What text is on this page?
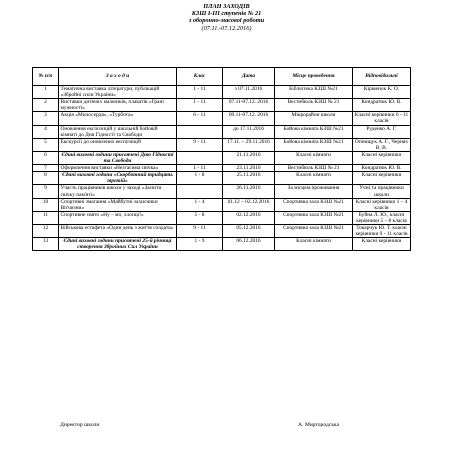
ПЛАН ЗАХОДІВ
КЗШ І-ІІІ ступенів № 21
з оборонно-масової роботи
(07.11.-07.12.2016)
№ п/п	З а х о д и	Клас	Дата	Місце проведення	Відповідальні
1	Тематична виставка літератури, публікацій «Збройні сили України»	1 - 11	з 07.11.2016	Бібліотека КЗШ №21	Кіріяенок К. О.
2	Виставки дитячих малюнків, плакатів «Грані мужності»	1 - 11	07.11-07.12. 2016	Вестибюль КЗШ № 21	Кондратюк Ю. В.
3	Акція «Милосердя», «Турбота»	6 - 11	09.11-07.12. 2016	Мікрорайон школи	Класні керівники 6 - 11 класів
4	Оновлення експозицій у шкільній бойовій кімнаті до Дня Гідності та Свободи		до 17.11.2016	Бойова кімната КЗШ №21	Руденко А. Г.
5	Екскурсії до оновлених експозицій	9 - 11	17.11. – 29.11.2016	Бойова кімната КЗШ №21	Опнищук А. Г., Чернях В. В.
6	Єдині виховні години присвячені Дню Гідності та Свободи		21.11.2016	Класні кімнати	Класні керівники
7	Оформлення виставки «Незгасима свічка»	1 - 11	23.11.2016	Вестибюль КЗШ № 21	Кондратюк Ю. В.
8	Єдині виховні години «Скорботний тридцять третій»	1 - 8	25.11.2016	Класні кімнати	Класні керівники
9	Участь працівників школи у заході «Засвіти свічку пам'яті»		26.11.2016	За місцем проживання	Учні та працівники школи
10	Спортивні змагання «Майбутні захисники Вітчизни»	1 - 4	01.12 – 02.12.2016	Спортивна зала КЗШ №21	Класні керівники 1 – 4 класів
11	Спортивне свято «Ну – мо, хлопці!»	5 - 8	02.12.2016	Спортивна зала КЗШ №21	Буйна Л. Ю., класні керівники 5 – 8 класів
12	Військова естафета «Один день з життя солдата»	9 - 11	05.12.2016	Спортивна зала КЗШ №21	Токарчук Ю. Т. класні керівники 9 - 11 класів
13	Єдині виховні години присвячені 25-й річниці створення Збройних Сил України	1 - 9	06.12.2016	Класні кімнати	Класні керівники
Директор школи	А. Миргородська
